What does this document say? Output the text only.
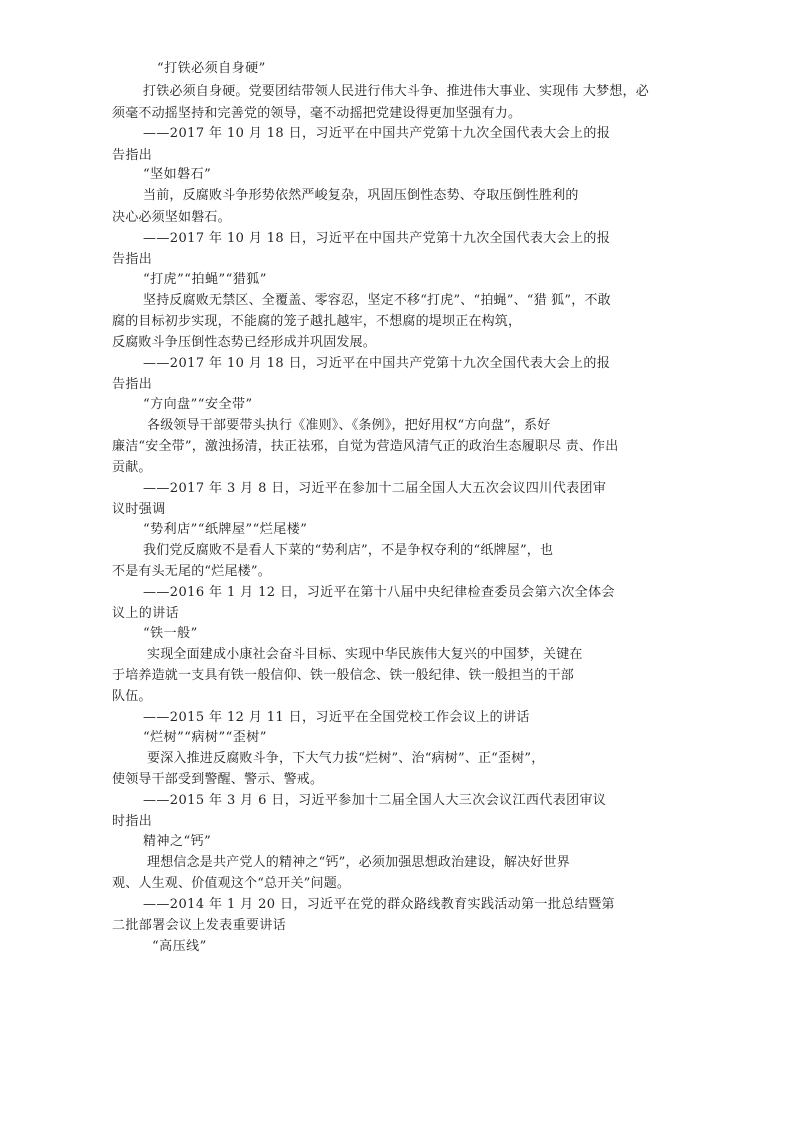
“打铁必须自身硬”
打铁必须自身硬。党要团结带领人民进行伟大斗争、推进伟大事业、实现伟 大梦想，必
须毫不动摇坚持和完善党的领导，毫不动摇把党建设得更加坚强有力。
——2017 年 10 月 18 日，习近平在中国共产党第十九次全国代表大会上的报
告指出
“坚如磐石”
当前，反腐败斗争形势依然严峻复杂，巩固压倒性态势、夺取压倒性胜利的
决心必须坚如磐石。
——2017 年 10 月 18 日，习近平在中国共产党第十九次全国代表大会上的报
告指出
“打虎”“拍蝇”“猎狐”
坚持反腐败无禁区、全覆盖、零容忍，坚定不移“打虎”、“拍蝇”、“猎 狐”，不敢
腐的目标初步实现，不能腐的笼子越扎越牢，不想腐的堤坝正在构筑，
反腐败斗争压倒性态势已经形成并巩固发展。
——2017 年 10 月 18 日，习近平在中国共产党第十九次全国代表大会上的报
告指出
“方向盘”“安全带”
各级领导干部要带头执行《准则》、《条例》，把好用权“方向盘”，系好
廉洁“安全带”，激浊扬清，扶正祛邪，自觉为营造风清气正的政治生态履职尽 责、作出
贡献。
——2017 年 3 月 8 日，习近平在参加十二届全国人大五次会议四川代表团审
议时强调
“势利店”“纸牌屋”“烂尾楼”
我们党反腐败不是看人下菜的“势利店”，不是争权夺利的“纸牌屋”，也
不是有头无尾的“烂尾楼”。
——2016 年 1 月 12 日，习近平在第十八届中央纪律检查委员会第六次全体会
议上的讲话
“铁一般”
实现全面建成小康社会奋斗目标、实现中华民族伟大复兴的中国梦，关键在
于培养造就一支具有铁一般信仰、铁一般信念、铁一般纪律、铁一般担当的干部
队伍。
——2015 年 12 月 11 日，习近平在全国党校工作会议上的讲话
“烂树”“病树”“歪树”
要深入推进反腐败斗争，下大气力拔“烂树”、治“病树”、正“歪树”，
使领导干部受到警醒、警示、警戒。
——2015 年 3 月 6 日，习近平参加十二届全国人大三次会议江西代表团审议
时指出
精神之“钙”
理想信念是共产党人的精神之“钙”，必须加强思想政治建设，解决好世界
观、人生观、价值观这个“总开关”问题。
——2014 年 1 月 20 日，习近平在党的群众路线教育实践活动第一批总结暨第
二批部署会议上发表重要讲话
“高压线”
